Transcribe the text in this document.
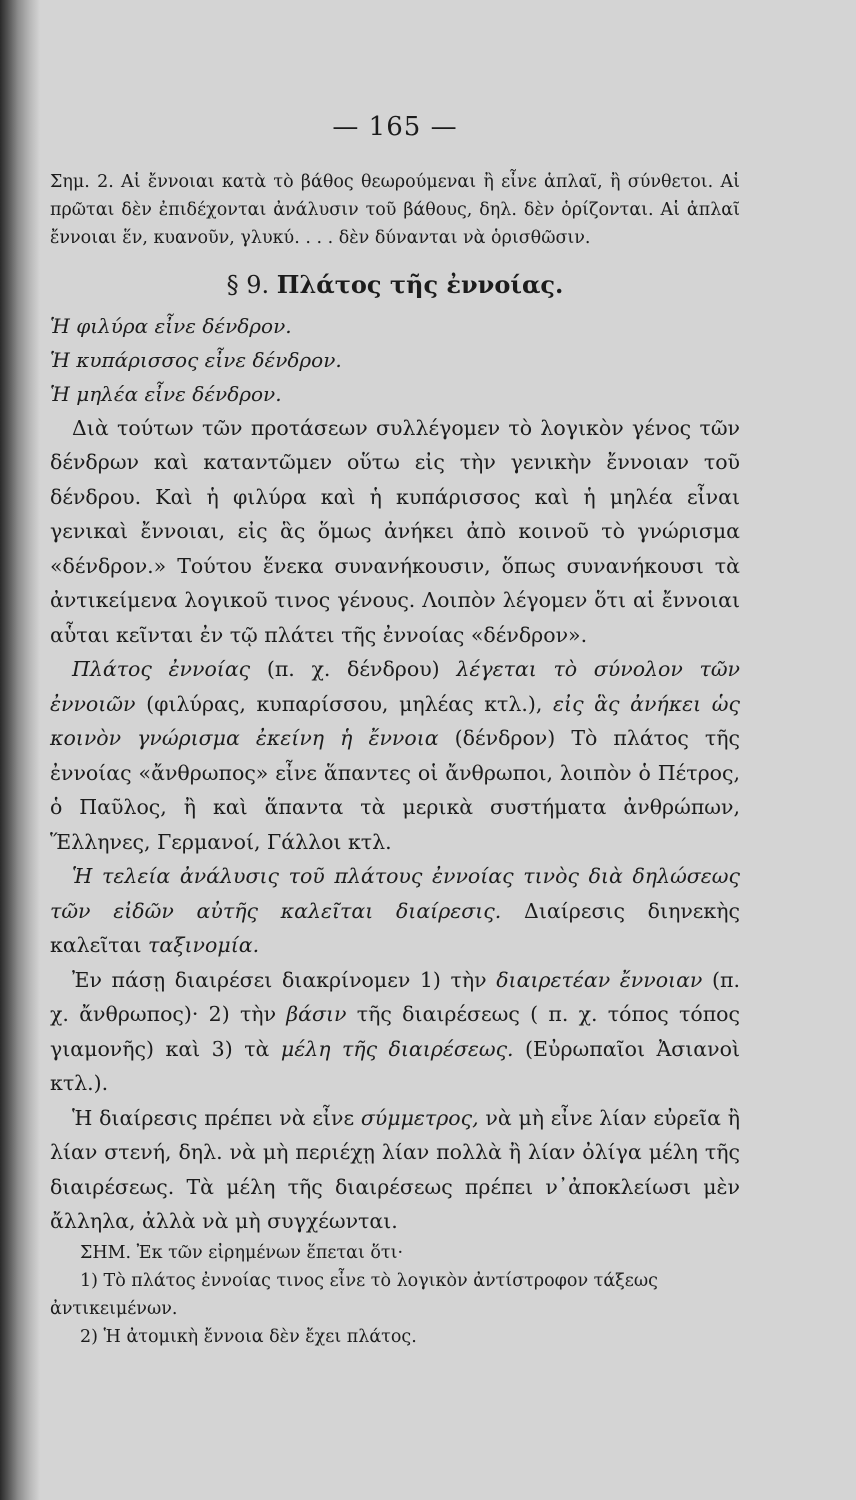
— 165 —

Σημ. 2. Αἱ ἔννοιαι κατὰ τὸ βάθος θεωρούμεναι ἢ εἶνε ἁπλαῖ, ἢ σύνθετοι. Αἱ πρῶται δὲν ἐπιδέχονται ἀνάλυσιν τοῦ βάθους, δηλ. δὲν ὁρίζονται. Αἱ ἁπλαῖ ἔννοιαι ἕν, κυανοῦν, γλυκύ. . . . δὲν δύνανται νὰ ὁρισθῶσιν.

§ 9. Πλάτος τῆς ἐννοίας.

Ἡ φιλύρα εἶνε δένδρον.

Ἡ κυπάρισσος εἶνε δένδρον.

Ἡ μηλέα εἶνε δένδρον.

Διὰ τούτων τῶν προτάσεων συλλέγομεν τὸ λογικὸν γένος τῶν δένδρων καὶ καταντῶμεν οὕτω εἰς τὴν γενικὴν ἔννοιαν τοῦ δένδρου. Καὶ ἡ φιλύρα καὶ ἡ κυπάρισσος καὶ ἡ μηλέα εἶναι γενικαὶ ἔννοιαι, εἰς ἃς ὅμως ἀνήκει ἀπὸ κοινοῦ τὸ γνώρισμα «δένδρον.» Τούτου ἕνεκα συνανήκουσιν, ὅπως συνανήκουσι τὰ ἀντικείμενα λογικοῦ τινος γένους. Λοιπὸν λέγομεν ὅτι αἱ ἔννοιαι αὗται κεῖνται ἐν τῷ πλάτει τῆς ἐννοίας «δένδρον».

Πλάτος ἐννοίας (π. χ. δένδρου) λέγεται τὸ σύνολον τῶν ἐννοιῶν (φιλύρας, κυπαρίσσου, μηλέας κτλ.), εἰς ἃς ἀνήκει ὡς κοινὸν γνώρισμα ἐκείνη ἡ ἔννοια (δένδρον) Τὸ πλάτος τῆς ἐννοίας «ἄνθρωπος» εἶνε ἅπαντες οἱ ἄνθρωποι, λοιπὸν ὁ Πέτρος, ὁ Παῦλος, ἢ καὶ ἅπαντα τὰ μερικὰ συστήματα ἀνθρώπων, Ἕλληνες, Γερμανοί, Γάλλοι κτλ.

Ἡ τελεία ἀνάλυσις τοῦ πλάτους ἐννοίας τινὸς διὰ δηλώσεως τῶν εἰδῶν αὐτῆς καλεῖται διαίρεσις. Διαίρεσις διηνεκὴς καλεῖται ταξινομία.

Ἐν πάσῃ διαιρέσει διακρίνομεν 1) τὴν διαιρετέαν ἔννοιαν (π. χ. ἄνθρωπος)· 2) τὴν βάσιν τῆς διαιρέσεως ( π. χ. τόπος τόπος γιαμονῆς) καὶ 3) τὰ μέλη τῆς διαιρέσεως. (Εὐρωπαῖοι Ἀσιανοὶ κτλ.).

Ἡ διαίρεσις πρέπει νὰ εἶνε σύμμετρος, νὰ μὴ εἶνε λίαν εὐρεῖα ἢ λίαν στενή, δηλ. νὰ μὴ περιέχῃ λίαν πολλὰ ἢ λίαν ὀλίγα μέλη τῆς διαιρέσεως. Τὰ μέλη τῆς διαιρέσεως πρέπει ν᾽ἀποκλείωσι μὲν ἄλληλα, ἀλλὰ νὰ μὴ συγχέωνται.

ΣΗΜ. Ἐκ τῶν εἰρημένων ἕπεται ὅτι·

1) Τὸ πλάτος ἐννοίας τινος εἶνε τὸ λογικὸν ἀντίστροφον τάξεως ἀντικειμένων.

2) Ἡ ἀτομικὴ ἔννοια δὲν ἔχει πλάτος.
